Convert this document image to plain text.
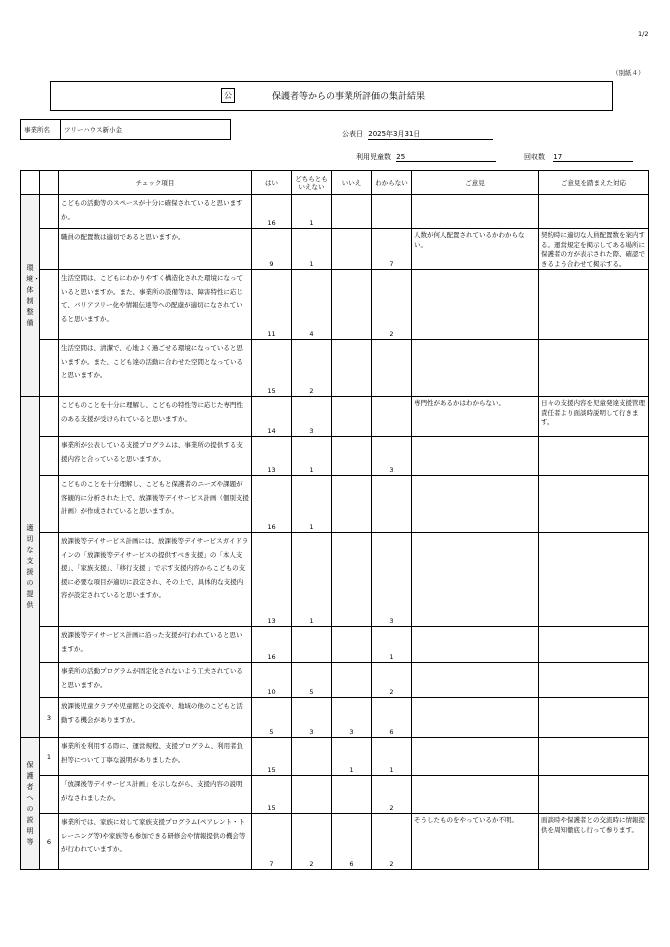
1/2
（別紙４）
公	保護者等からの事業所評価の集計結果
事業所名	ツリーハウス新小金	公表日 2025年3月31日
利用児童数 25	回収数 17
		チェック項目	はい	どちらとも いえない	いいえ	わからない	ご意見	ご意見を踏まえた対応
環境・体制整備		こどもの活動等のスペースが十分に確保されていると思いますか。	16	1				
		職員の配置数は適切であると思いますか。	9	1		7	人数が何人配置されているかわからない。	契約時に適切な人員配置数を案内する。運営規定を掲示してある場所に保護者の方が表示された際、確認できるよう合わせて掲示する。
		生活空間は、こどもにわかりやすく構造化された環境になっていると思いますか。また、事業所の設備等は、障害特性に応じて、バリアフリー化や情報伝達等への配慮が適切になされていると思いますか。	11	4		2		
		生活空間は、清潔で、心地よく過ごせる環境になっていると思いますか。また、こども達の活動に合わせた空間となっていると思いますか。	15	2				
適切な支援の提供		こどものことを十分に理解し、こどもの特性等に応じた専門性のある支援が受けられていると思いますか。	14	3			専門性があるかはわからない。	日々の支援内容を児童発達支援管理責任者より面談時説明して行きます。
		事業所が公表している支援プログラムは、事業所の提供する支援内容と合っていると思いますか。	13	1		3		
		こどものことを十分理解し、こどもと保護者のニーズや課題が客観的に分析された上で、放課後等デイサービス計画（個別支援計画）が作成されていると思いますか。	16	1				
		放課後等デイサービス計画には、放課後等デイサービスガイドラインの「放課後等デイサービスの提供すべき支援」の「本人支援」、「家族支援」、「移行支援 」で示す支援内容からこどもの支援に必要な項目が適切に設定され、その上で、具体的な支援内容が設定されていると思いますか。	13	1		3		
		放課後等デイサービス計画に沿った支援が行われていると思いますか。	16			1		
		事業所の活動プログラムが固定化されないよう工夫されていると思いますか。	10	5		2		
	3	放課後児童クラブや児童館との交流や、地域の他のこどもと活動する機会がありますか。	5	3	3	6		
保護者への説明等	1	事業所を利用する際に、運営規程、支援プログラム、利用者負担等について丁寧な説明がありましたか。	15		1	1		
		「放課後等デイサービス計画」を示しながら、支援内容の説明がなされましたか。	15			2		
	6	事業所では、家族に対して家族支援プログラム(ペアレント・トレーニング等)や家族等も参加できる研修会や情報提供の機会等が行われていますか。	7	2	6	2	そうしたものをやっているか不明。	面談時や保護者との交流時に情報提供を周知徹底し行って参ります。
